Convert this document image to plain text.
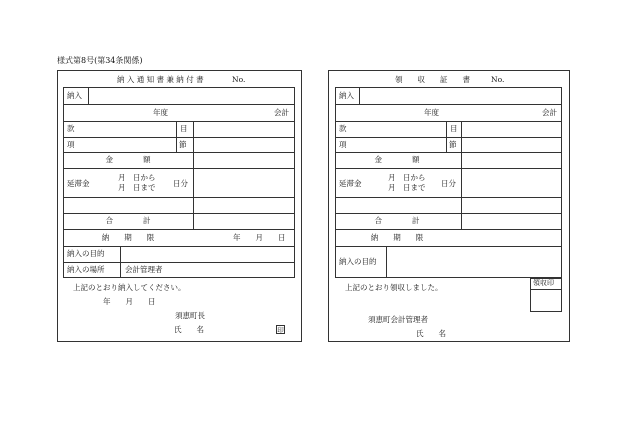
様式第8号(第34条関係)
納 入 通 知 書 兼 納 付 書	No.
納入
年度	会計
款	目
項	節
金　　　　額
延滞金
月　日から
月　日まで 日分
合　　　　計
納　　期　　限	年　　月　　日
納入の目的
納入の場所	会計管理者
上記のとおり納入してください。
年　　月　　日
須恵町長
氏　　名	印
領　　収　　証　　書	No.
納入
年度	会計
款	目
項	節
金　　　　額
延滞金
月　日から
月　日まで 日分
合　　　　計
納　　期　　限
納入の目的
領収印
上記のとおり領収しました。
須恵町会計管理者
氏　　名
